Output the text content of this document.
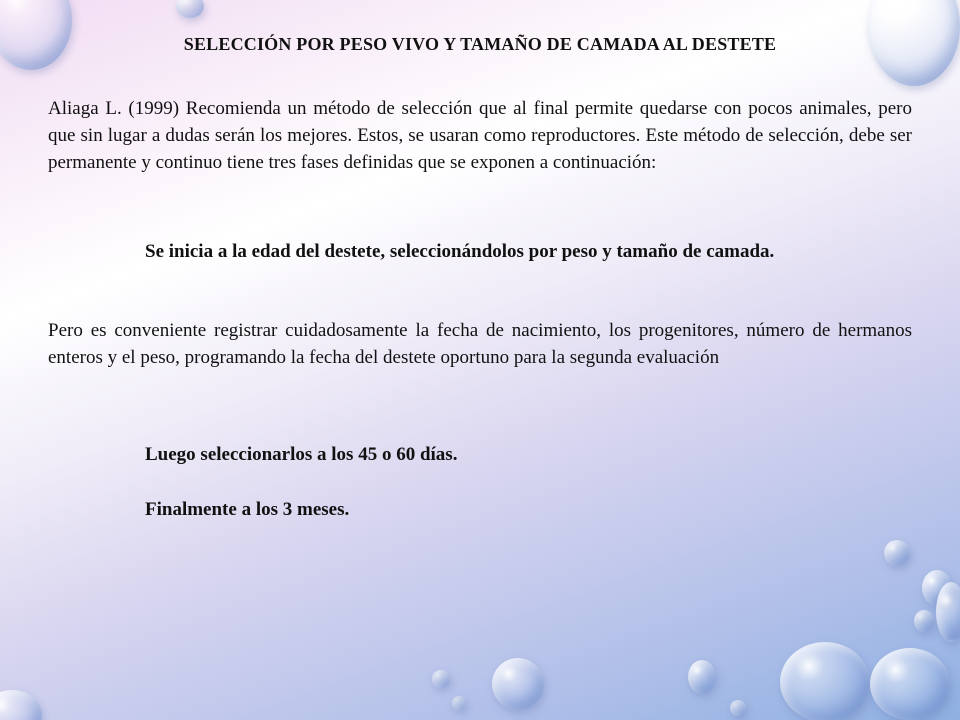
SELECCIÓN POR PESO VIVO Y TAMAÑO DE CAMADA AL DESTETE

Aliaga L. (1999) Recomienda un método de selección que al final permite quedarse con pocos animales, pero que sin lugar a dudas serán los mejores. Estos, se usaran como reproductores. Este método de selección, debe ser permanente y continuo tiene tres fases definidas que se exponen a continuación:

Se inicia a la edad del destete, seleccionándolos por peso y tamaño de camada.

Pero es conveniente registrar cuidadosamente la fecha de nacimiento, los progenitores, número de hermanos enteros y el peso, programando la fecha del destete oportuno para la segunda evaluación

Luego seleccionarlos a los 45 o 60 días.

Finalmente a los 3 meses.
